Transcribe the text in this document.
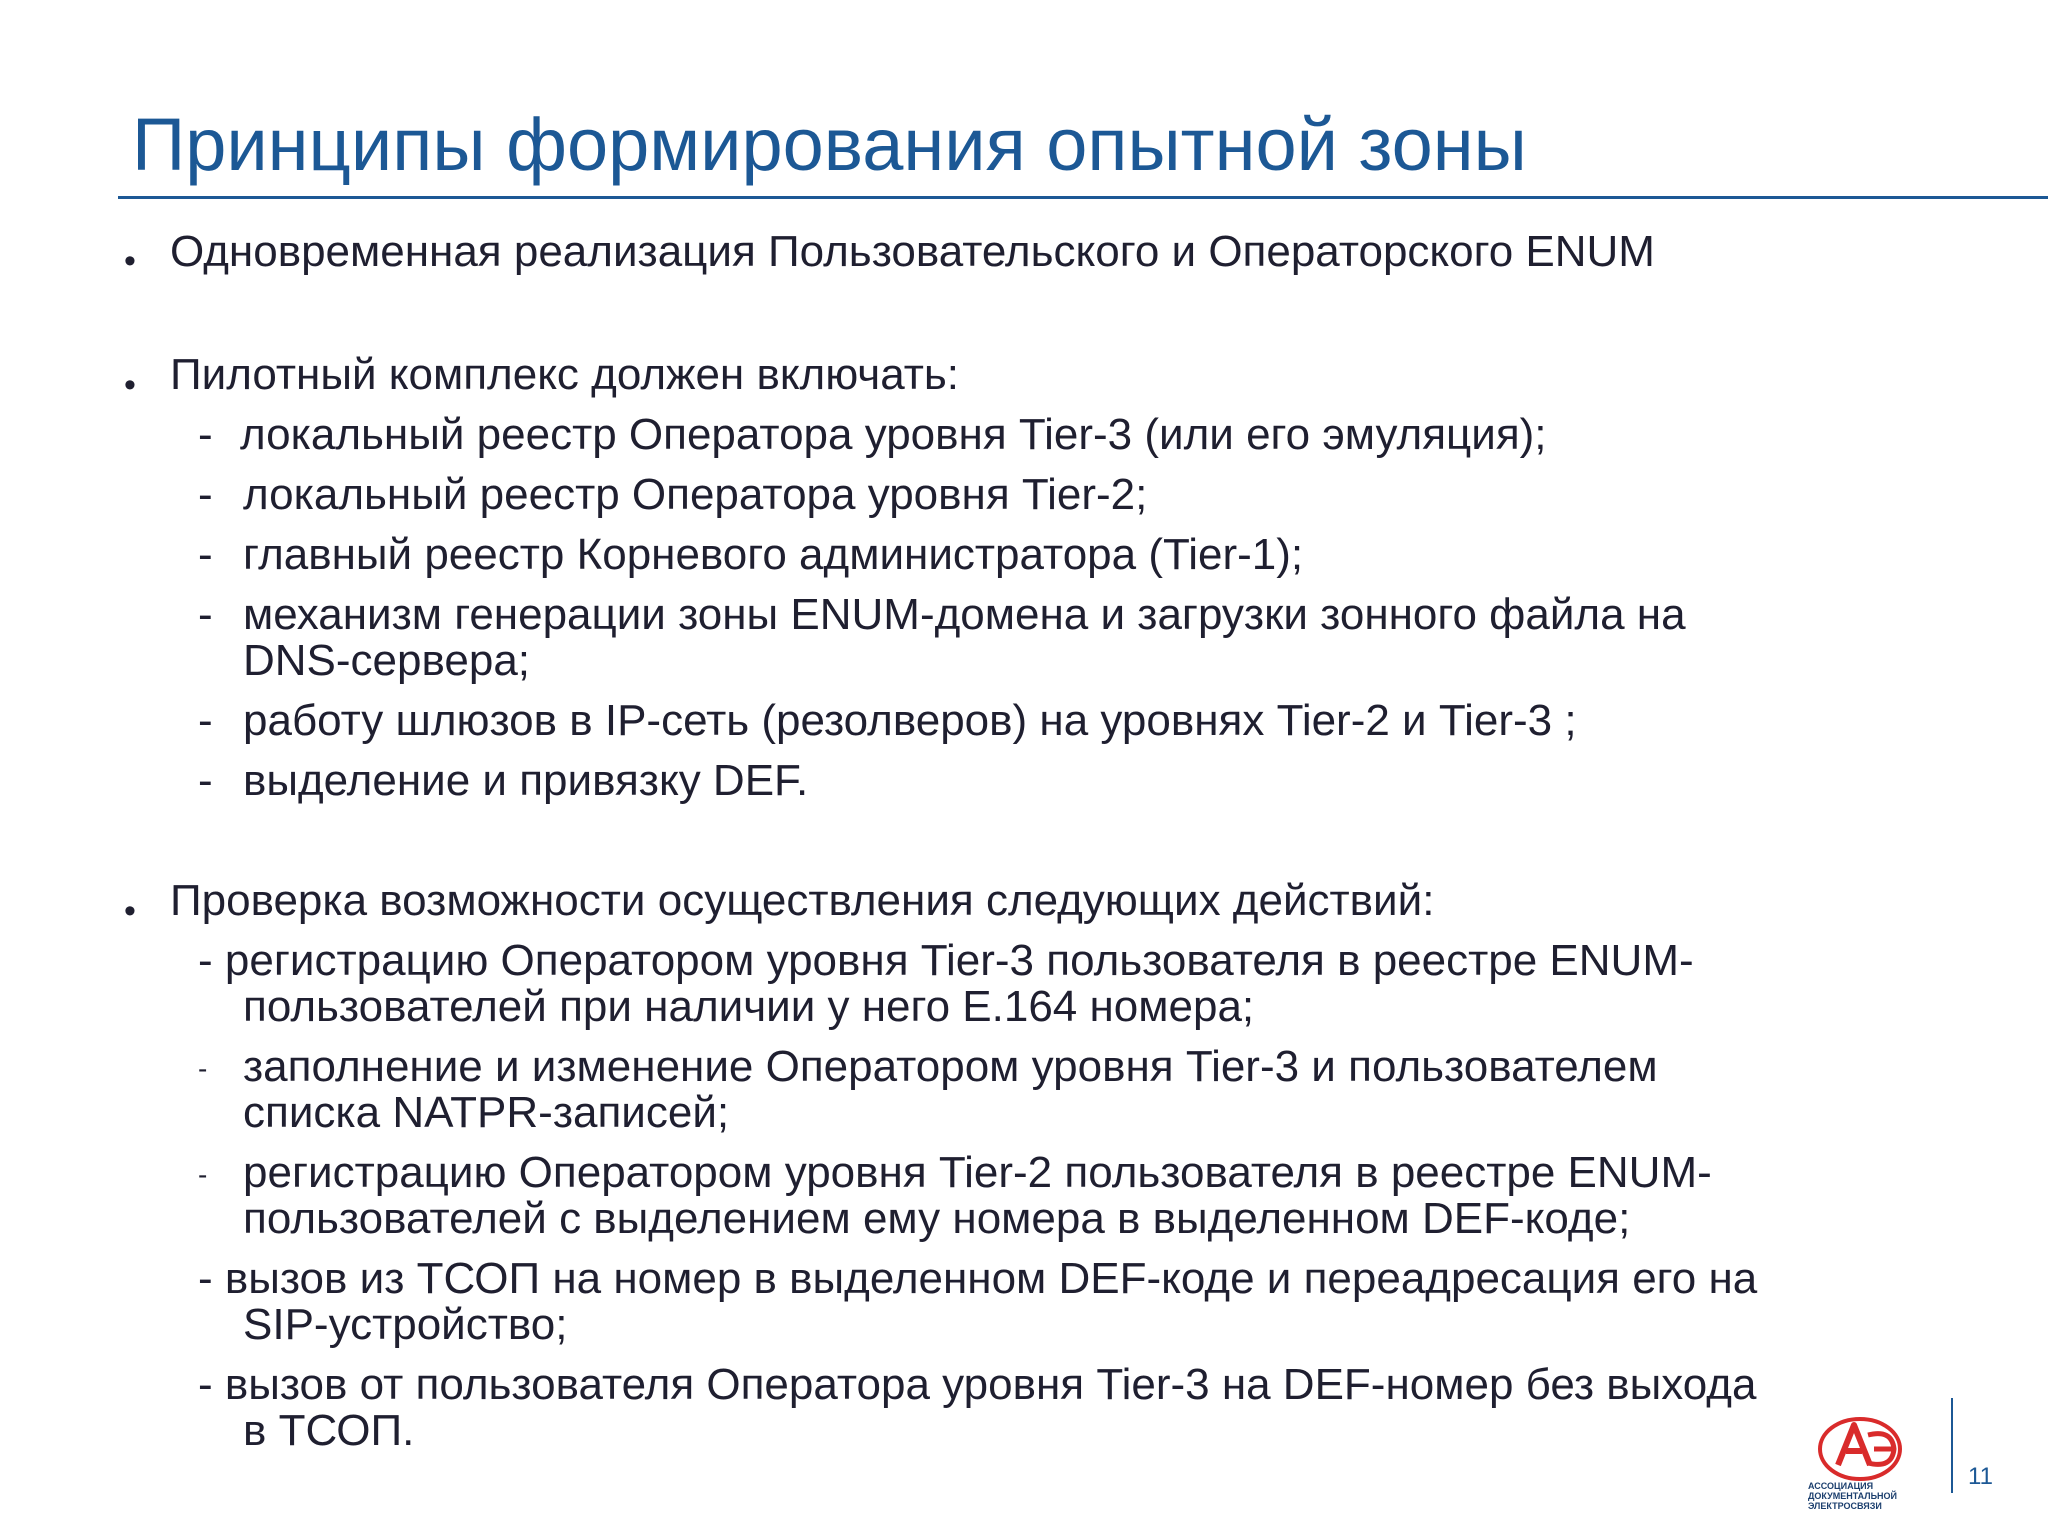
Принципы формирования опытной зоны
• Одновременная реализация Пользовательского и Операторского ENUM
• Пилотный комплекс должен включать:
- локальный реестр Оператора уровня Tier-3 (или его эмуляция);
- локальный реестр Оператора уровня Tier-2;
- главный реестр Корневого администратора (Tier-1);
- механизм генерации зоны ENUM-домена и загрузки зонного файла на
DNS-сервера;
- работу шлюзов в IP-сеть (резолверов) на уровнях Tier-2 и Tier-3 ;
- выделение и привязку DEF.
• Проверка возможности осуществления следующих действий:
- регистрацию Оператором уровня Tier-3 пользователя в реестре ENUM-
пользователей при наличии у него Е.164 номера;
- заполнение и изменение Оператором уровня Tier-3 и пользователем
списка NATPR-записей;
- регистрацию Оператором уровня Tier-2 пользователя в реестре ENUM-
пользователей с выделением ему номера в выделенном DEF-коде;
- вызов из ТСОП на номер в выделенном DEF-коде и переадресация его на
SIP-устройство;
- вызов от пользователя Оператора уровня Tier-3 на DEF-номер без выхода
в ТСОП.
АДЭ
АССОЦИАЦИЯ
ДОКУМЕНТАЛЬНОЙ
ЭЛЕКТРОСВЯЗИ
11
